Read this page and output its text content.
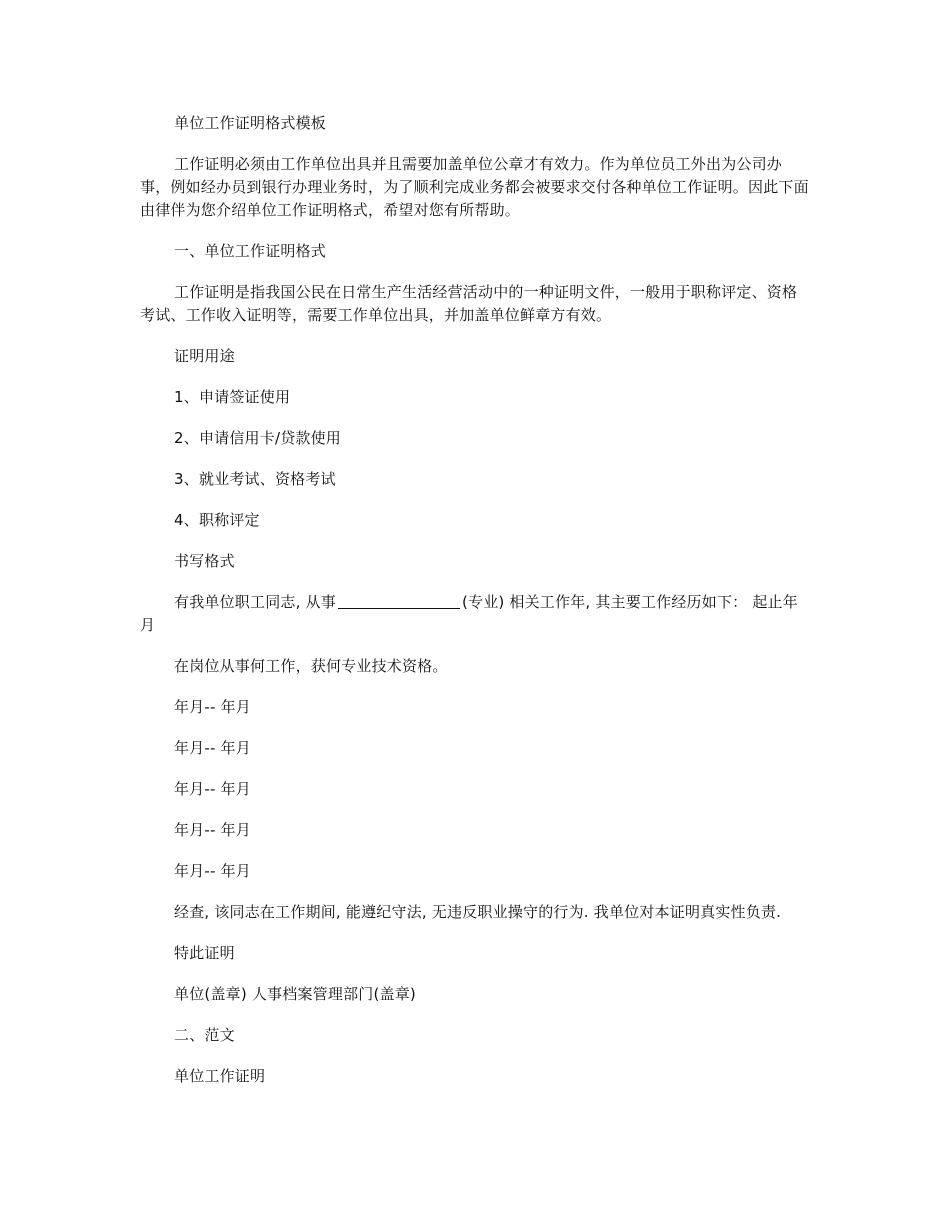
单位工作证明格式模板

工作证明必须由工作单位出具并且需要加盖单位公章才有效力。作为单位员工外出为公司办事，例如经办员到银行办理业务时，为了顺利完成业务都会被要求交付各种单位工作证明。因此下面由律伴为您介绍单位工作证明格式，希望对您有所帮助。

一、单位工作证明格式

工作证明是指我国公民在日常生产生活经营活动中的一种证明文件，一般用于职称评定、资格考试、工作收入证明等，需要工作单位出具，并加盖单位鲜章方有效。

证明用途

1、申请签证使用

2、申请信用卡/贷款使用

3、就业考试、资格考试

4、职称评定

书写格式

有我单位职工同志, 从事	(专业) 相关工作年, 其主要工作经历如下： 起止年月

在岗位从事何工作，获何专业技术资格。

年月-- 年月

年月-- 年月

年月-- 年月

年月-- 年月

年月-- 年月

经查, 该同志在工作期间, 能遵纪守法, 无违反职业操守的行为. 我单位对本证明真实性负责.

特此证明

单位(盖章) 人事档案管理部门(盖章)

二、范文

单位工作证明
